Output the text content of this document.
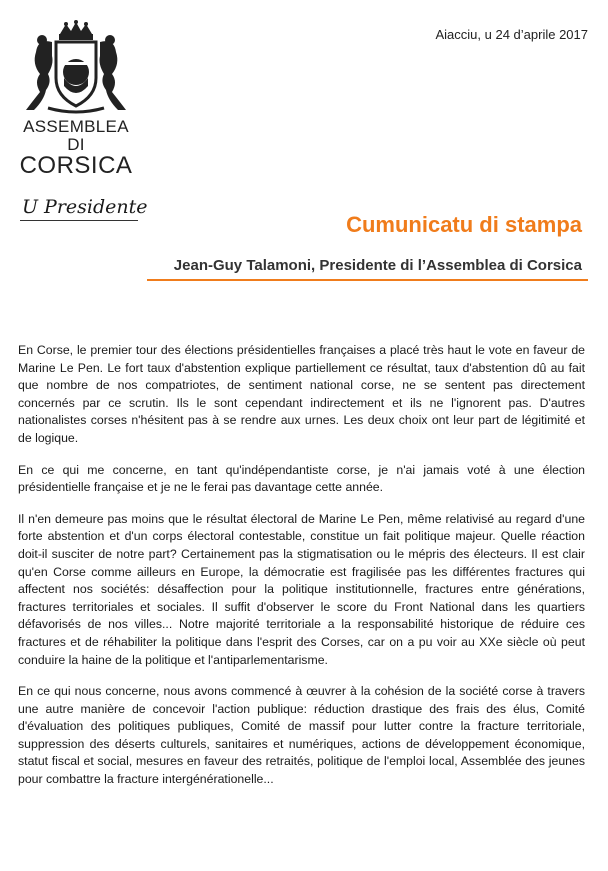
ASSEMBLEA DI
CORSICA
U Presidente
Aiacciu, u 24 d’aprile 2017
Cumunicatu di stampa
Jean-Guy Talamoni, Presidente di l’Assemblea di Corsica

En Corse, le premier tour des élections présidentielles françaises a placé très haut le vote en faveur de Marine Le Pen. Le fort taux d'abstention explique partiellement ce résultat, taux d'abstention dû au fait que nombre de nos compatriotes, de sentiment national corse, ne se sentent pas directement concernés par ce scrutin. Ils le sont cependant indirectement et ils ne l'ignorent pas. D'autres nationalistes corses n'hésitent pas à se rendre aux urnes. Les deux choix ont leur part de légitimité et de logique.

En ce qui me concerne, en tant qu'indépendantiste corse, je n'ai jamais voté à une élection présidentielle française et je ne le ferai pas davantage cette année.

Il n'en demeure pas moins que le résultat électoral de Marine Le Pen, même relativisé au regard d'une forte abstention et d'un corps électoral contestable, constitue un fait politique majeur. Quelle réaction doit-il susciter de notre part? Certainement pas la stigmatisation ou le mépris des électeurs. Il est clair qu'en Corse comme ailleurs en Europe, la démocratie est fragilisée pas les différentes fractures qui affectent nos sociétés: désaffection pour la politique institutionnelle, fractures entre générations, fractures territoriales et sociales. Il suffit d'observer le score du Front National dans les quartiers défavorisés de nos villes... Notre majorité territoriale a la responsabilité historique de réduire ces fractures et de réhabiliter la politique dans l'esprit des Corses, car on a pu voir au XXe siècle où peut conduire la haine de la politique et l'antiparlementarisme.

En ce qui nous concerne, nous avons commencé à œuvrer à la cohésion de la société corse à travers une autre manière de concevoir l'action publique: réduction drastique des frais des élus, Comité d'évaluation des politiques publiques, Comité de massif pour lutter contre la fracture territoriale, suppression des déserts culturels, sanitaires et numériques, actions de développement économique, statut fiscal et social, mesures en faveur des retraités, politique de l'emploi local, Assemblée des jeunes pour combattre la fracture intergénérationelle...
